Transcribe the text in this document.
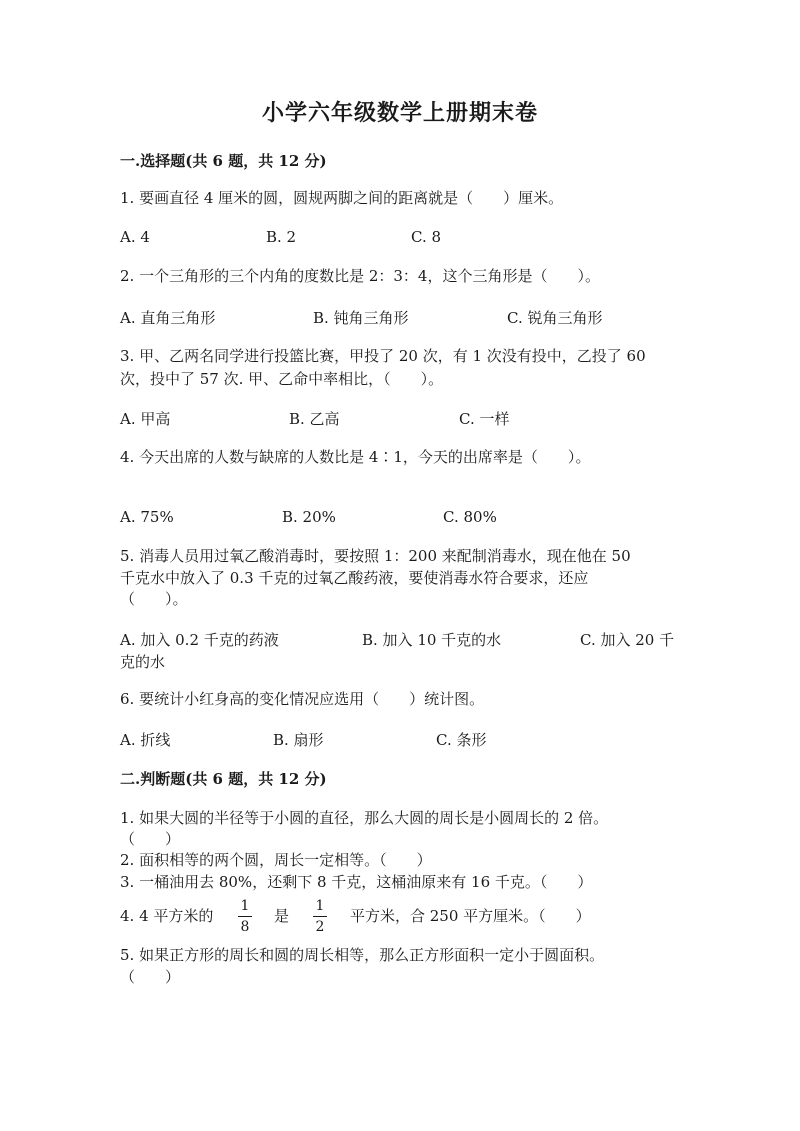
小学六年级数学上册期末卷
一.选择题(共 6 题，共 12 分)
1. 要画直径 4 厘米的圆，圆规两脚之间的距离就是（　　）厘米。
A. 4	B. 2	C. 8
2. 一个三角形的三个内角的度数比是 2：3：4，这个三角形是（　　）。
A. 直角三角形	B. 钝角三角形	C. 锐角三角形
3. 甲、乙两名同学进行投篮比赛，甲投了 20 次，有 1 次没有投中，乙投了 60
次，投中了 57 次. 甲、乙命中率相比，（　　）。
A. 甲高	B. 乙高	C. 一样
4. 今天出席的人数与缺席的人数比是 4∶1，今天的出席率是（　　）。
A. 75%	B. 20%	C. 80%
5. 消毒人员用过氧乙酸消毒时，要按照 1：200 来配制消毒水，现在他在 50
千克水中放入了 0.3 千克的过氧乙酸药液，要使消毒水符合要求，还应
（　　）。
A. 加入 0.2 千克的药液	B. 加入 10 千克的水	C. 加入 20 千
克的水
6. 要统计小红身高的变化情况应选用（　　）统计图。
A. 折线	B. 扇形	C. 条形
二.判断题(共 6 题，共 12 分)
1. 如果大圆的半径等于小圆的直径，那么大圆的周长是小圆周长的 2 倍。
（　　）
2. 面积相等的两个圆，周长一定相等。（　　）
3. 一桶油用去 80%，还剩下 8 千克，这桶油原来有 16 千克。（　　）
4. 4 平方米的
1
8
是
1
2
平方米，合 250 平方厘米。（　　）
5. 如果正方形的周长和圆的周长相等，那么正方形面积一定小于圆面积。
（　　）
